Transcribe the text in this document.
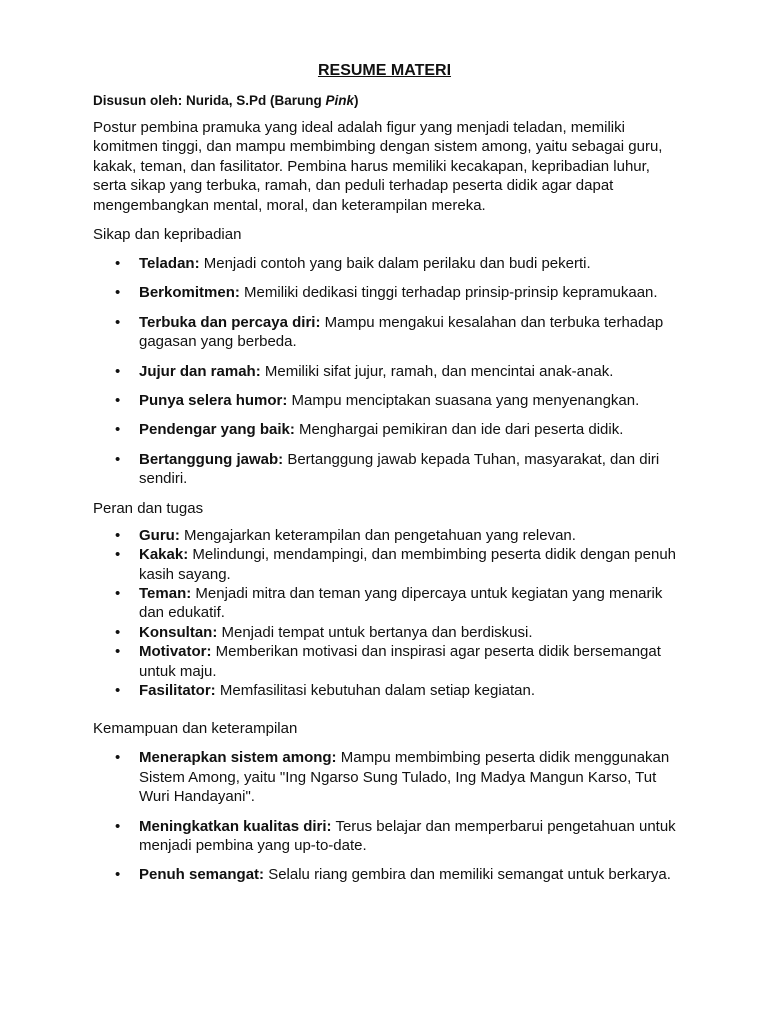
RESUME MATERI

Disusun oleh: Nurida, S.Pd (Barung Pink)

Postur pembina pramuka yang ideal adalah figur yang menjadi teladan, memiliki komitmen tinggi, dan mampu membimbing dengan sistem among, yaitu sebagai guru, kakak, teman, dan fasilitator. Pembina harus memiliki kecakapan, kepribadian luhur, serta sikap yang terbuka, ramah, dan peduli terhadap peserta didik agar dapat mengembangkan mental, moral, dan keterampilan mereka.

Sikap dan kepribadian

• Teladan: Menjadi contoh yang baik dalam perilaku dan budi pekerti.
• Berkomitmen: Memiliki dedikasi tinggi terhadap prinsip-prinsip kepramukaan.
• Terbuka dan percaya diri: Mampu mengakui kesalahan dan terbuka terhadap gagasan yang berbeda.
• Jujur dan ramah: Memiliki sifat jujur, ramah, dan mencintai anak-anak.
• Punya selera humor: Mampu menciptakan suasana yang menyenangkan.
• Pendengar yang baik: Menghargai pemikiran dan ide dari peserta didik.
• Bertanggung jawab: Bertanggung jawab kepada Tuhan, masyarakat, dan diri sendiri.

Peran dan tugas

• Guru: Mengajarkan keterampilan dan pengetahuan yang relevan.
• Kakak: Melindungi, mendampingi, dan membimbing peserta didik dengan penuh kasih sayang.
• Teman: Menjadi mitra dan teman yang dipercaya untuk kegiatan yang menarik dan edukatif.
• Konsultan: Menjadi tempat untuk bertanya dan berdiskusi.
• Motivator: Memberikan motivasi dan inspirasi agar peserta didik bersemangat untuk maju.
• Fasilitator: Memfasilitasi kebutuhan dalam setiap kegiatan.

Kemampuan dan keterampilan

• Menerapkan sistem among: Mampu membimbing peserta didik menggunakan Sistem Among, yaitu "Ing Ngarso Sung Tulado, Ing Madya Mangun Karso, Tut Wuri Handayani".
• Meningkatkan kualitas diri: Terus belajar dan memperbarui pengetahuan untuk menjadi pembina yang up-to-date.
• Penuh semangat: Selalu riang gembira dan memiliki semangat untuk berkarya.
